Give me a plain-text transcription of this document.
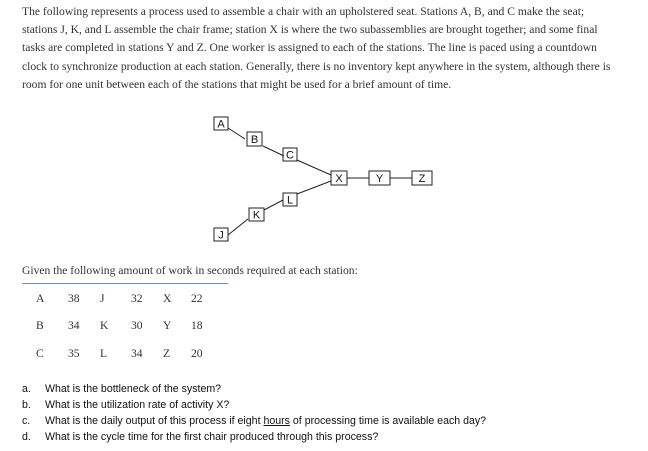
The following represents a process used to assemble a chair with an upholstered seat. Stations A, B, and C make the seat;
stations J, K, and L assemble the chair frame; station X is where the two subassemblies are brought together; and some final
tasks are completed in stations Y and Z. One worker is assigned to each of the stations. The line is paced using a countdown
clock to synchronize production at each station. Generally, there is no inventory kept anywhere in the system, although there is
room for one unit between each of the stations that might be used for a brief amount of time.
A
B
C
J
K
L
X	Y	Z
Given the following amount of work in seconds required at each station:
A 38 J 32 X 22
B 34 K 30 Y 18
C 35 L 34 Z 20
a. What is the bottleneck of the system?
b. What is the utilization rate of activity X?
c. What is the daily output of this process if eight hours of processing time is available each day?
d. What is the cycle time for the first chair produced through this process?
